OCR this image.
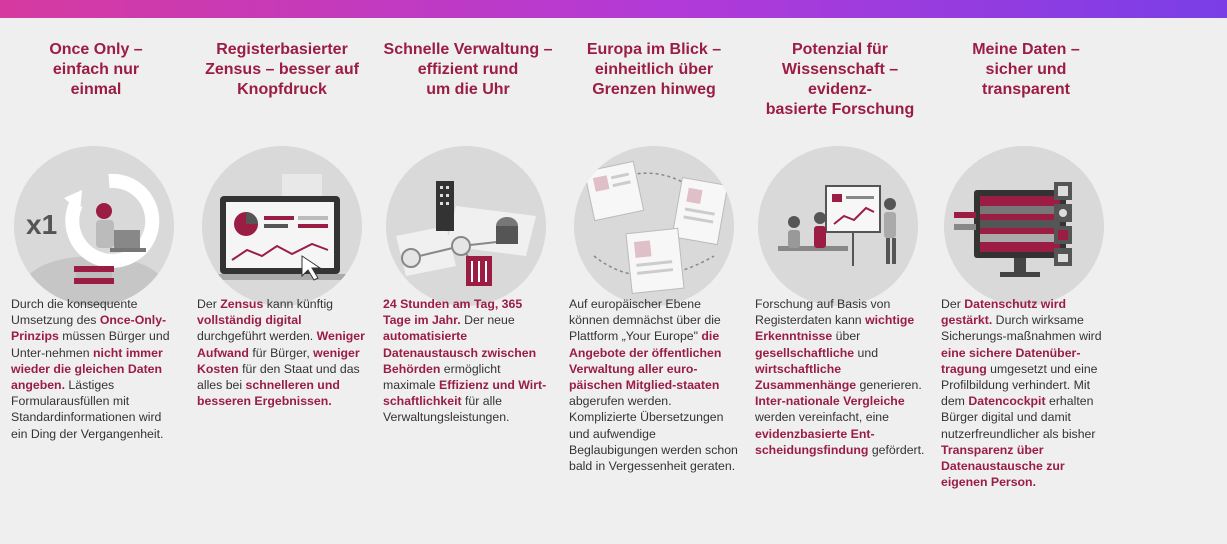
Once Only –
einfach nur
einmal
x1
Durch die konsequente Umsetzung des Once-Only-Prinzips müssen Bürger und Unter-nehmen nicht immer wieder die gleichen Daten angeben. Lästiges Formularausfüllen mit Standardinformationen wird ein Ding der Vergangenheit.
Registerbasierter
Zensus – besser auf
Knopfdruck
Der Zensus kann künftig vollständig digital durchgeführt werden. Weniger Aufwand für Bürger, weniger Kosten für den Staat und das alles bei schnelleren und besseren Ergebnissen.
Schnelle Verwaltung –
effizient rund
um die Uhr
24 Stunden am Tag, 365 Tage im Jahr. Der neue automatisierte Datenaustausch zwischen Behörden ermöglicht maximale Effizienz und Wirt-schaftlichkeit für alle Verwaltungsleistungen.
Europa im Blick –
einheitlich über
Grenzen hinweg
Auf europäischer Ebene können demnächst über die Plattform „Your Europe" die Angebote der öffentlichen Verwaltung aller euro-päischen Mitglied-staaten abgerufen werden. Komplizierte Übersetzungen und aufwendige Beglaubigungen werden schon bald in Vergessenheit geraten.
Potenzial für
Wissenschaft – evidenz-
basierte Forschung
Forschung auf Basis von Registerdaten kann wichtige Erkenntnisse über gesellschaftliche und wirtschaftliche Zusammenhänge generieren. Inter-nationale Vergleiche werden vereinfacht, eine evidenzbasierte Ent-scheidungsfindung gefördert.
Meine Daten –
sicher und
transparent
Der Datenschutz wird gestärkt. Durch wirksame Sicherungs-maßnahmen wird eine sichere Datenüber-tragung umgesetzt und eine Profilbildung verhindert. Mit dem Datencockpit erhalten Bürger digital und damit nutzerfreundlicher als bisher Transparenz über Datenaustausche zur eigenen Person.
